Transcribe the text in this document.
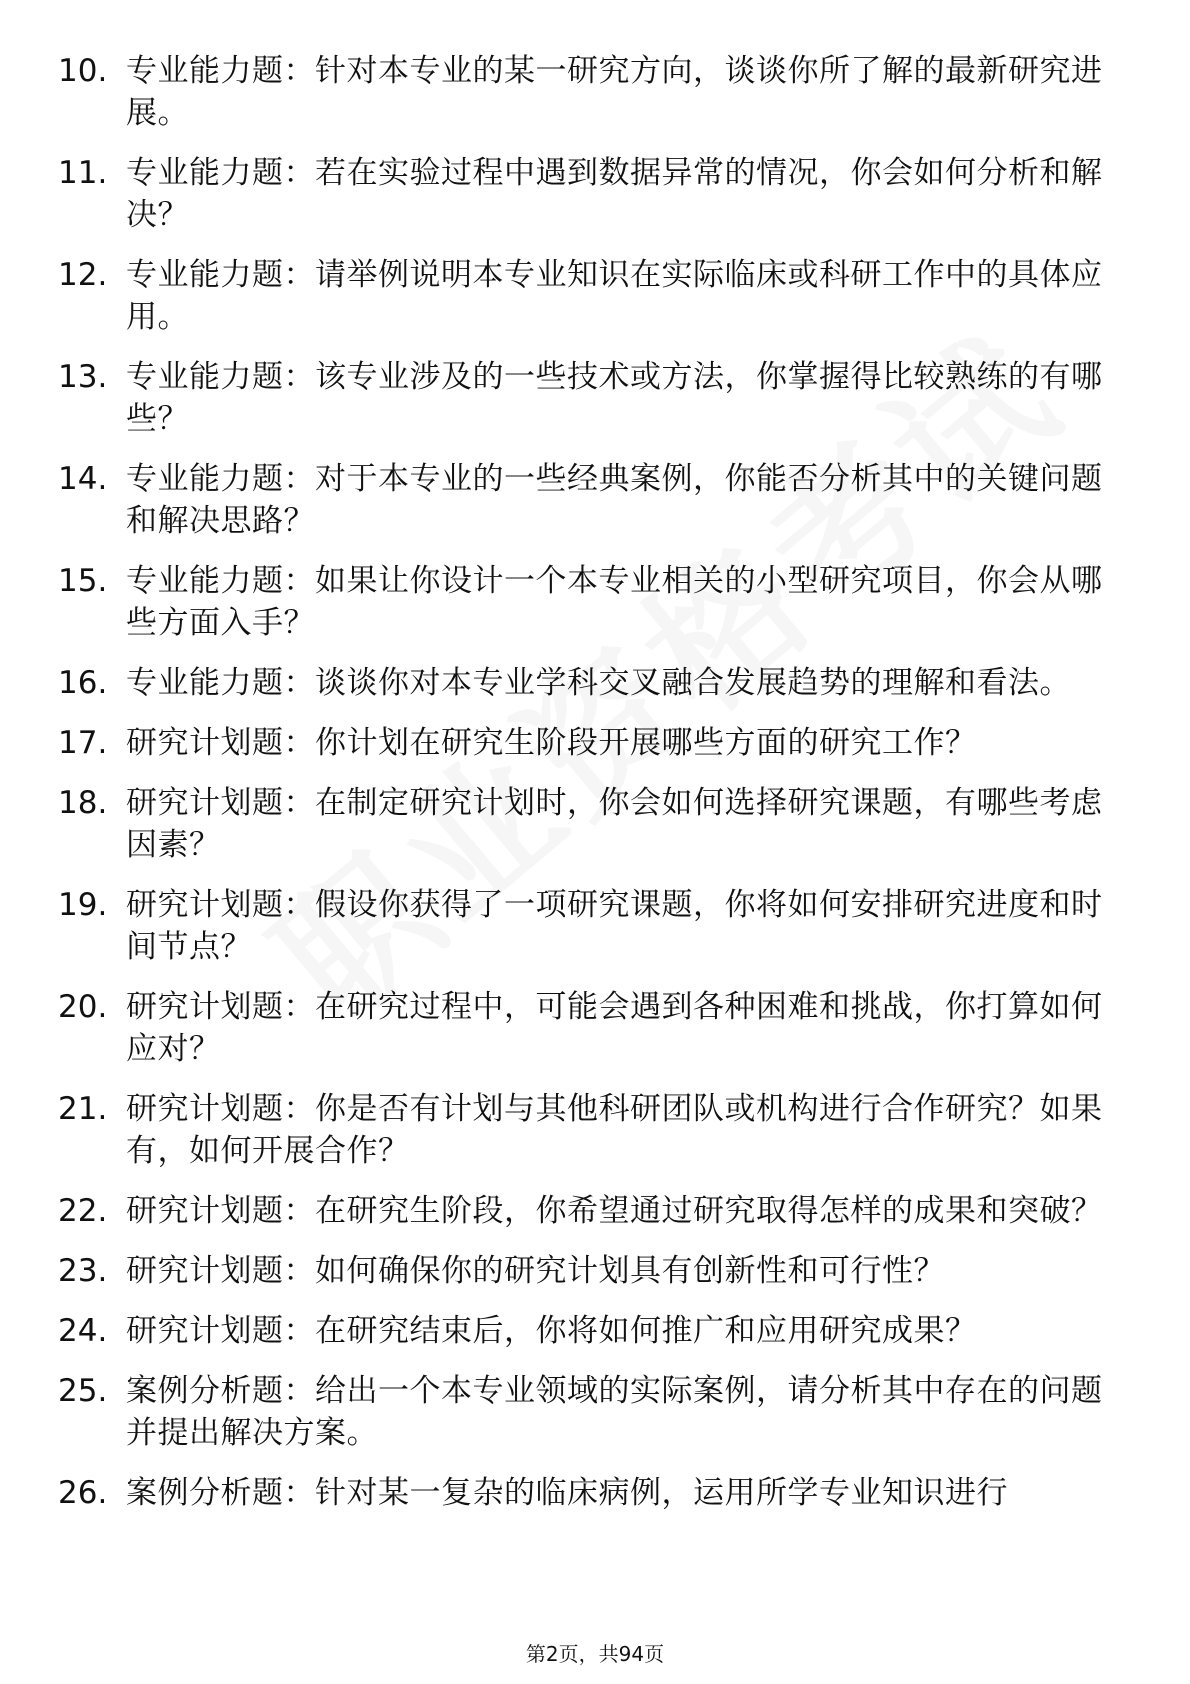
10. 专业能力题：针对本专业的某一研究方向，谈谈你所了解的最新研究进展。
11. 专业能力题：若在实验过程中遇到数据异常的情况，你会如何分析和解决？
12. 专业能力题：请举例说明本专业知识在实际临床或科研工作中的具体应用。
13. 专业能力题：该专业涉及的一些技术或方法，你掌握得比较熟练的有哪些？
14. 专业能力题：对于本专业的一些经典案例，你能否分析其中的关键问题和解决思路？
15. 专业能力题：如果让你设计一个本专业相关的小型研究项目，你会从哪些方面入手？
16. 专业能力题：谈谈你对本专业学科交叉融合发展趋势的理解和看法。
17. 研究计划题：你计划在研究生阶段开展哪些方面的研究工作？
18. 研究计划题：在制定研究计划时，你会如何选择研究课题，有哪些考虑因素？
19. 研究计划题：假设你获得了一项研究课题，你将如何安排研究进度和时间节点？
20. 研究计划题：在研究过程中，可能会遇到各种困难和挑战，你打算如何应对？
21. 研究计划题：你是否有计划与其他科研团队或机构进行合作研究？如果有，如何开展合作？
22. 研究计划题：在研究生阶段，你希望通过研究取得怎样的成果和突破？
23. 研究计划题：如何确保你的研究计划具有创新性和可行性？
24. 研究计划题：在研究结束后，你将如何推广和应用研究成果？
25. 案例分析题：给出一个本专业领域的实际案例，请分析其中存在的问题并提出解决方案。
26. 案例分析题：针对某一复杂的临床病例，运用所学专业知识进行
第2页，共94页
